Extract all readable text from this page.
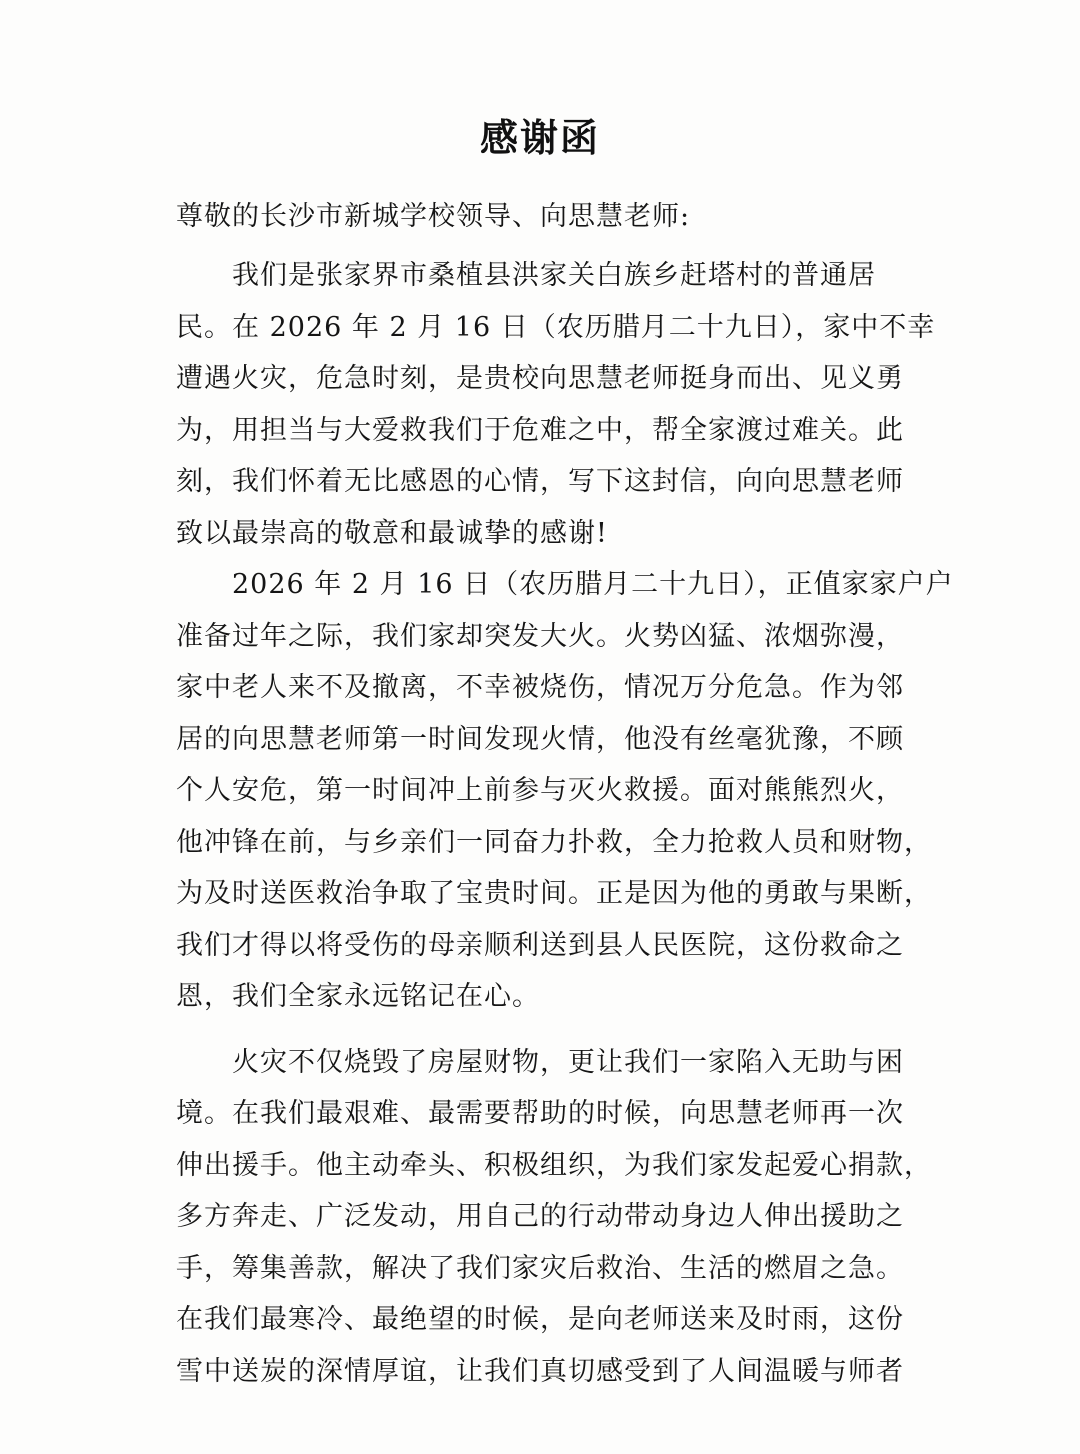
感谢函
尊敬的长沙市新城学校领导、向思慧老师:
我们是张家界市桑植县洪家关白族乡赶塔村的普通居
民。在 2026 年 2 月 16 日（农历腊月二十九日），家中不幸
遭遇火灾，危急时刻，是贵校向思慧老师挺身而出、见义勇
为，用担当与大爱救我们于危难之中，帮全家渡过难关。此
刻，我们怀着无比感恩的心情，写下这封信，向向思慧老师
致以最崇高的敬意和最诚挚的感谢!
2026 年 2 月 16 日（农历腊月二十九日），正值家家户户
准备过年之际，我们家却突发大火。火势凶猛、浓烟弥漫，
家中老人来不及撤离，不幸被烧伤，情况万分危急。作为邻
居的向思慧老师第一时间发现火情，他没有丝毫犹豫，不顾
个人安危，第一时间冲上前参与灭火救援。面对熊熊烈火，
他冲锋在前，与乡亲们一同奋力扑救，全力抢救人员和财物，
为及时送医救治争取了宝贵时间。正是因为他的勇敢与果断，
我们才得以将受伤的母亲顺利送到县人民医院，这份救命之
恩，我们全家永远铭记在心。
火灾不仅烧毁了房屋财物，更让我们一家陷入无助与困
境。在我们最艰难、最需要帮助的时候，向思慧老师再一次
伸出援手。他主动牵头、积极组织，为我们家发起爱心捐款，
多方奔走、广泛发动，用自己的行动带动身边人伸出援助之
手，筹集善款，解决了我们家灾后救治、生活的燃眉之急。
在我们最寒冷、最绝望的时候，是向老师送来及时雨，这份
雪中送炭的深情厚谊，让我们真切感受到了人间温暖与师者
